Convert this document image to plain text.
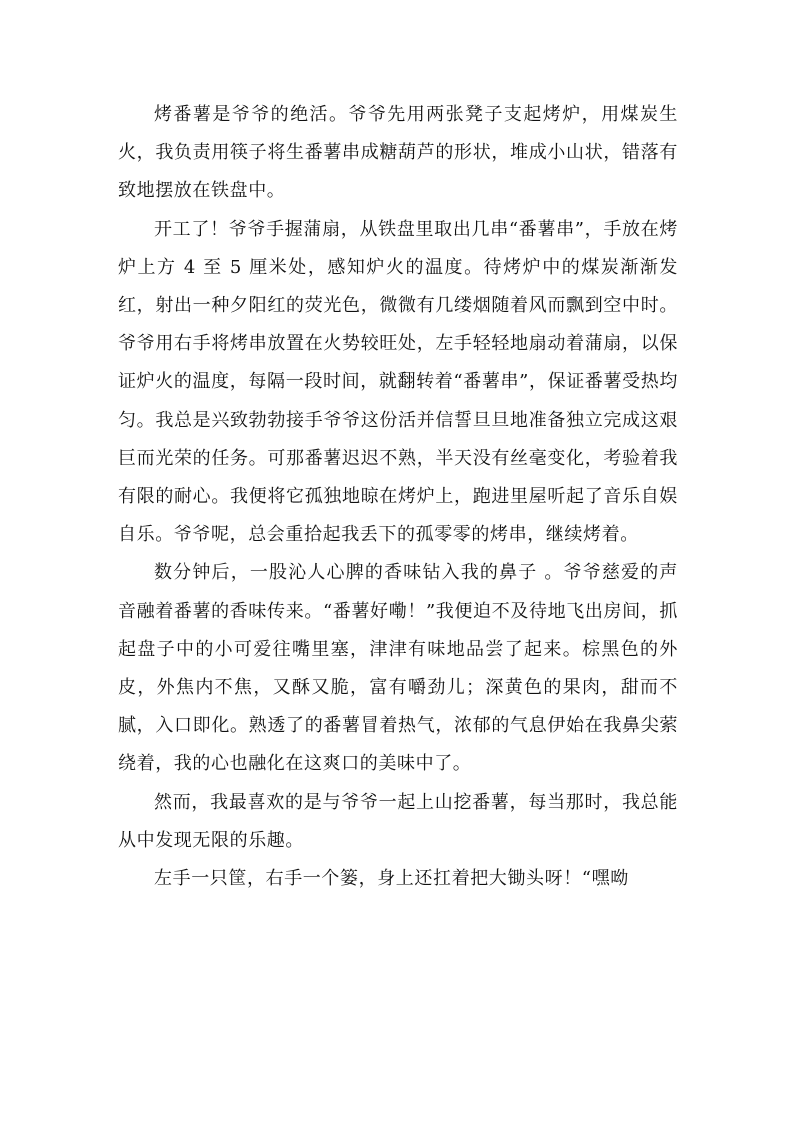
烤番薯是爷爷的绝活。爷爷先用两张凳子支起烤炉，用煤炭生火，我负责用筷子将生番薯串成糖葫芦的形状，堆成小山状，错落有致地摆放在铁盘中。

开工了！爷爷手握蒲扇，从铁盘里取出几串“番薯串”，手放在烤炉上方 4 至 5 厘米处，感知炉火的温度。待烤炉中的煤炭渐渐发红，射出一种夕阳红的荧光色，微微有几缕烟随着风而飘到空中时。爷爷用右手将烤串放置在火势较旺处，左手轻轻地扇动着蒲扇，以保证炉火的温度，每隔一段时间，就翻转着“番薯串”，保证番薯受热均匀。我总是兴致勃勃接手爷爷这份活并信誓旦旦地准备独立完成这艰巨而光荣的任务。可那番薯迟迟不熟，半天没有丝毫变化，考验着我有限的耐心。我便将它孤独地晾在烤炉上，跑进里屋听起了音乐自娱自乐。爷爷呢，总会重拾起我丢下的孤零零的烤串，继续烤着。

数分钟后，一股沁人心脾的香味钻入我的鼻子 。爷爷慈爱的声音融着番薯的香味传来。“番薯好嘞！”我便迫不及待地飞出房间，抓起盘子中的小可爱往嘴里塞，津津有味地品尝了起来。棕黑色的外皮，外焦内不焦，又酥又脆，富有嚼劲儿；深黄色的果肉，甜而不腻，入口即化。熟透了的番薯冒着热气，浓郁的气息伊始在我鼻尖萦绕着，我的心也融化在这爽口的美味中了。

然而，我最喜欢的是与爷爷一起上山挖番薯，每当那时，我总能从中发现无限的乐趣。

左手一只筐，右手一个篓，身上还扛着把大锄头呀！“嘿呦
